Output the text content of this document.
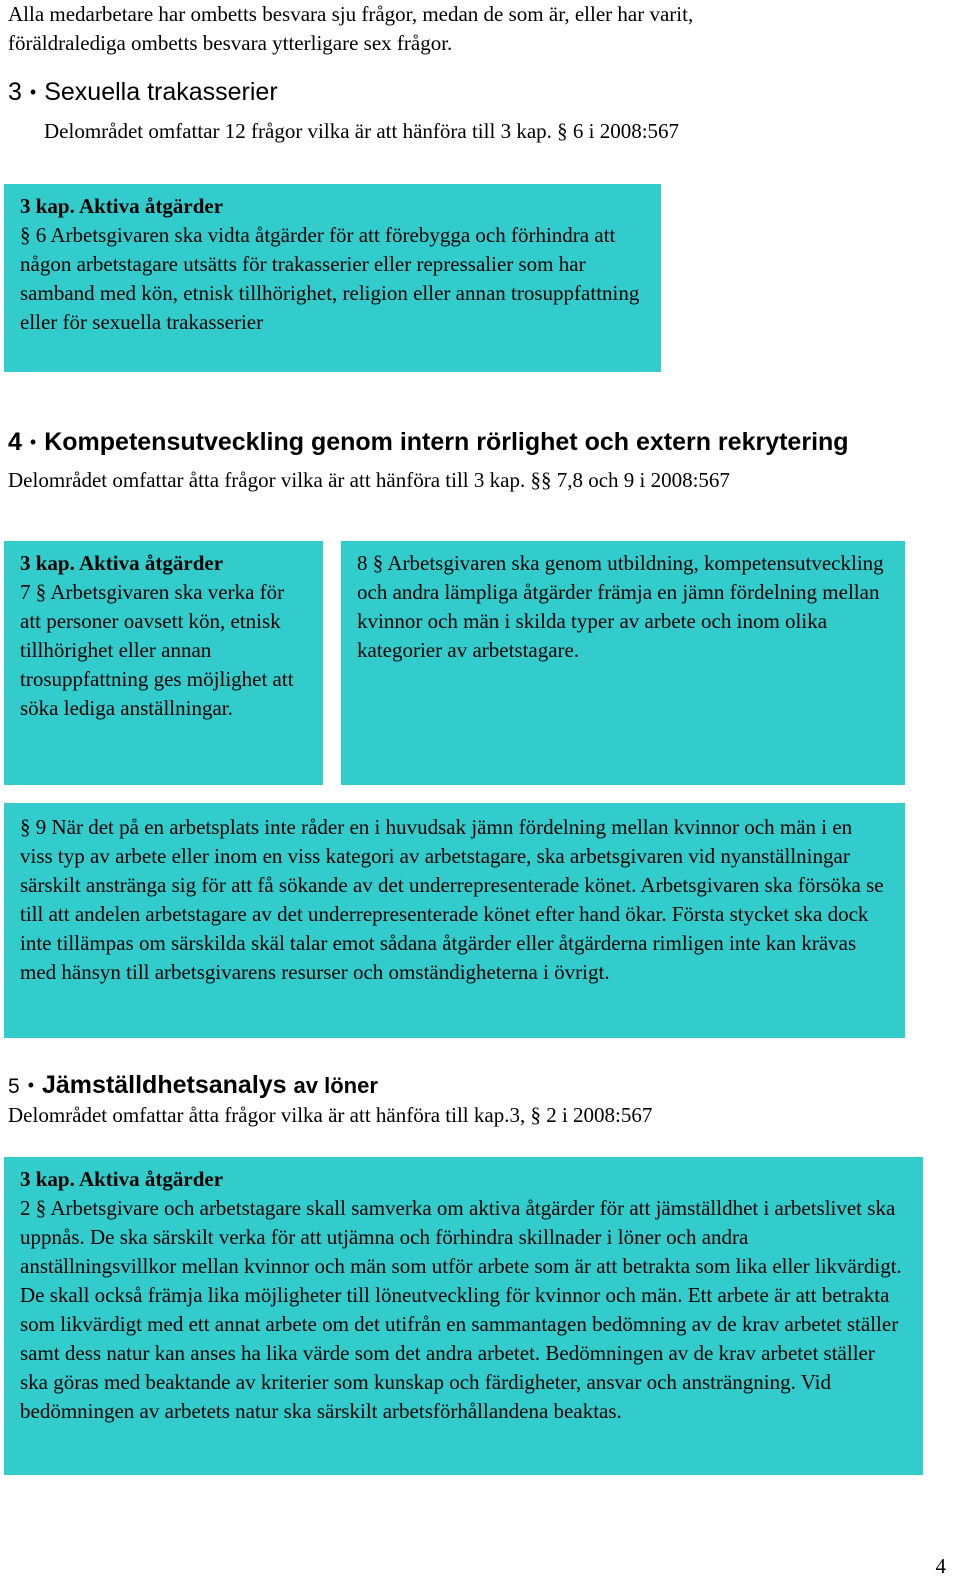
Alla medarbetare har ombetts besvara sju frågor, medan de som är, eller har varit,
föräldralediga ombetts besvara ytterligare sex frågor.
3 • Sexuella trakasserier
Delområdet omfattar 12 frågor vilka är att hänföra till 3 kap. § 6 i 2008:567

3 kap. Aktiva åtgärder

§ 6 Arbetsgivaren ska vidta åtgärder för att förebygga och förhindra att någon arbetstagare utsätts för trakasserier eller repressalier som har samband med kön, etnisk tillhörighet, religion eller annan trosuppfattning eller för sexuella trakasserier

4 • Kompetensutveckling genom intern rörlighet och extern rekrytering
Delområdet omfattar åtta frågor vilka är att hänföra till 3 kap. §§ 7,8 och 9 i 2008:567

3 kap. Aktiva åtgärder

7 § Arbetsgivaren ska verka för att personer oavsett kön, etnisk tillhörighet eller annan trosuppfattning ges möjlighet att söka lediga anställningar.

8 § Arbetsgivaren ska genom utbildning, kompetensutveckling och andra lämpliga åtgärder främja en jämn fördelning mellan kvinnor och män i skilda typer av arbete och inom olika kategorier av arbetstagare.

§ 9 När det på en arbetsplats inte råder en i huvudsak jämn fördelning mellan kvinnor och män i en viss typ av arbete eller inom en viss kategori av arbetstagare, ska arbetsgivaren vid nyanställningar särskilt anstränga sig för att få sökande av det underrepresenterade könet. Arbetsgivaren ska försöka se till att andelen arbetstagare av det underrepresenterade könet efter hand ökar. Första stycket ska dock inte tillämpas om särskilda skäl talar emot sådana åtgärder eller åtgärderna rimligen inte kan krävas med hänsyn till arbetsgivarens resurser och omständigheterna i övrigt.

5 • Jämställdhetsanalys av löner
Delområdet omfattar åtta frågor vilka är att hänföra till kap.3, § 2 i 2008:567

3 kap. Aktiva åtgärder

2 § Arbetsgivare och arbetstagare skall samverka om aktiva åtgärder för att jämställdhet i arbetslivet ska uppnås. De ska särskilt verka för att utjämna och förhindra skillnader i löner och andra anställningsvillkor mellan kvinnor och män som utför arbete som är att betrakta som lika eller likvärdigt. De skall också främja lika möjligheter till löneutveckling för kvinnor och män. Ett arbete är att betrakta som likvärdigt med ett annat arbete om det utifrån en sammantagen bedömning av de krav arbetet ställer samt dess natur kan anses ha lika värde som det andra arbetet. Bedömningen av de krav arbetet ställer ska göras med beaktande av kriterier som kunskap och färdigheter, ansvar och ansträngning. Vid bedömningen av arbetets natur ska särskilt arbetsförhållandena beaktas.

4
